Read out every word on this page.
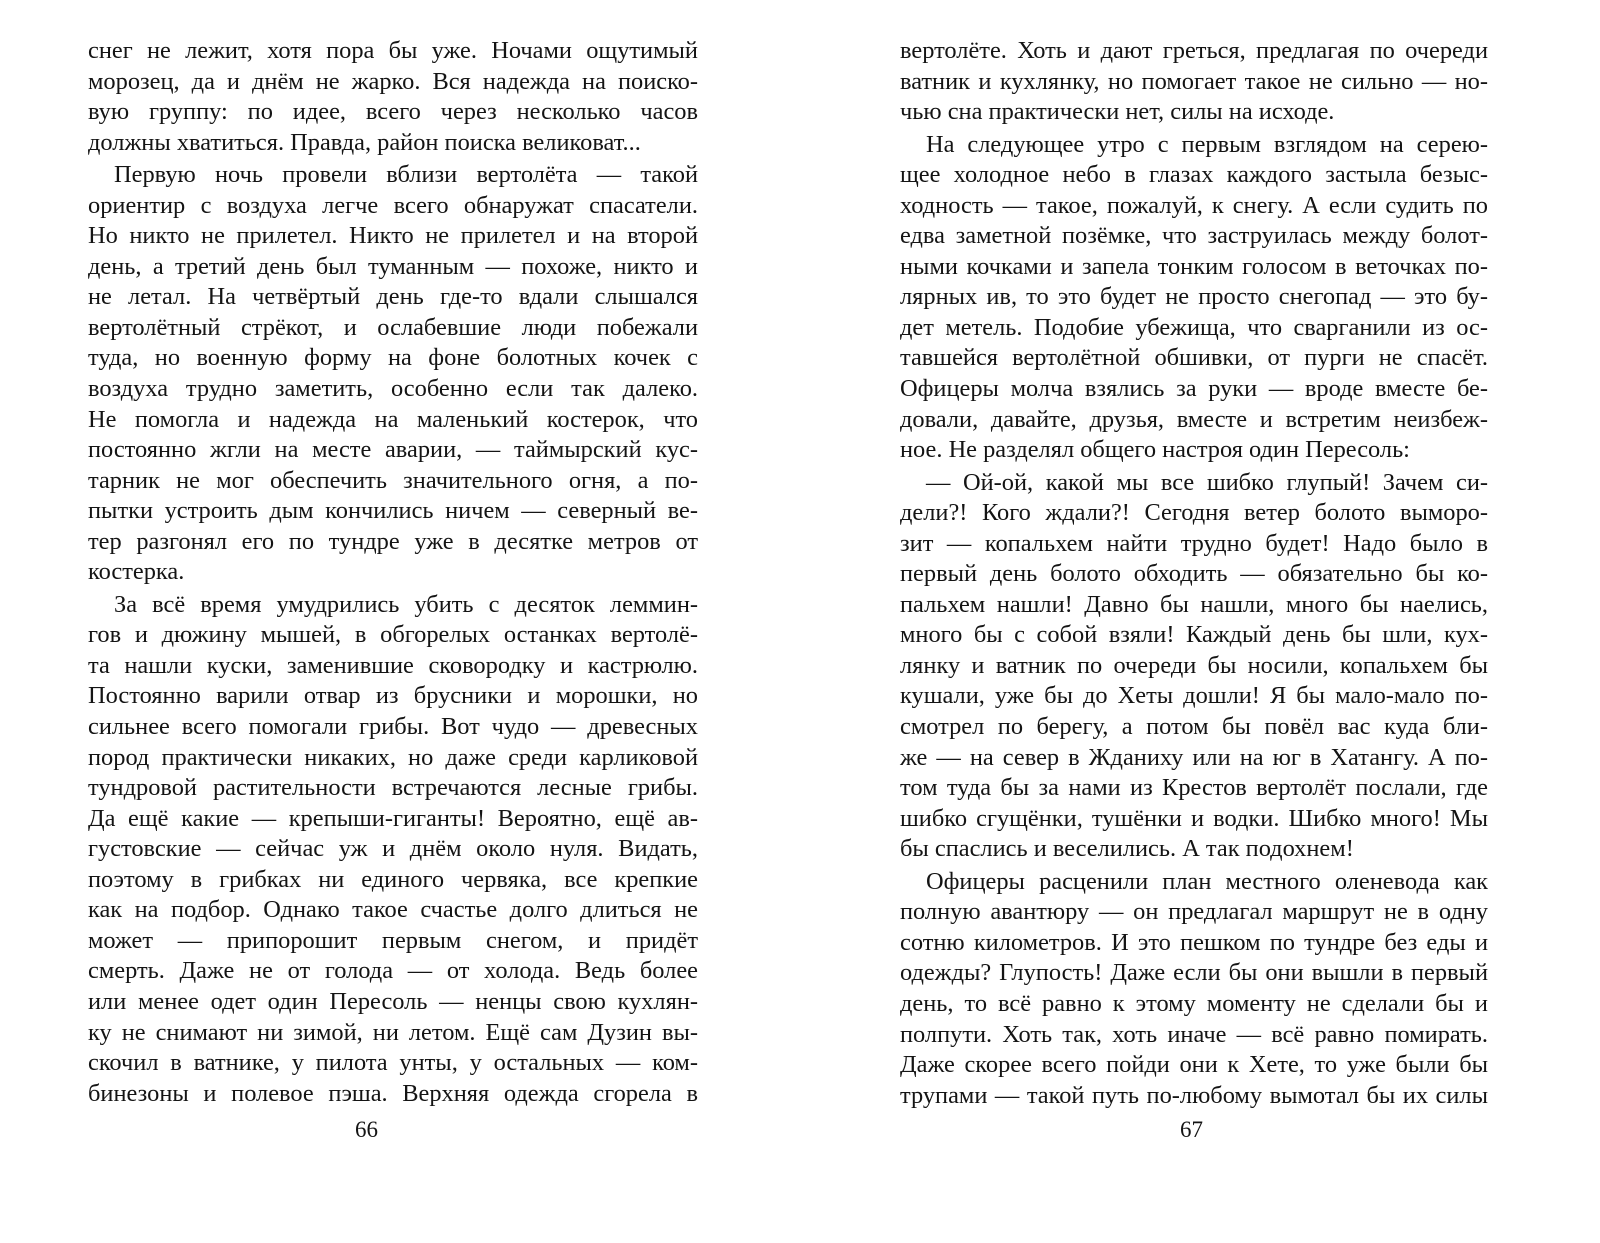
снег не лежит, хотя пора бы уже. Ночами ощутимый
морозец, да и днём не жарко. Вся надежда на поиско-
вую группу: по идее, всего через несколько часов
должны хватиться. Правда, район поиска великоват...
Первую ночь провели вблизи вертолёта — такой
ориентир с воздуха легче всего обнаружат спасатели.
Но никто не прилетел. Никто не прилетел и на второй
день, а третий день был туманным — похоже, никто и
не летал. На четвёртый день где-то вдали слышался
вертолётный стрёкот, и ослабевшие люди побежали
туда, но военную форму на фоне болотных кочек с
воздуха трудно заметить, особенно если так далеко.
Не помогла и надежда на маленький костерок, что
постоянно жгли на месте аварии, — таймырский кус-
тарник не мог обеспечить значительного огня, а по-
пытки устроить дым кончились ничем — северный ве-
тер разгонял его по тундре уже в десятке метров от
костерка.
За всё время умудрились убить с десяток леммин-
гов и дюжину мышей, в обгорелых останках вертолё-
та нашли куски, заменившие сковородку и кастрюлю.
Постоянно варили отвар из брусники и морошки, но
сильнее всего помогали грибы. Вот чудо — древесных
пород практически никаких, но даже среди карликовой
тундровой растительности встречаются лесные грибы.
Да ещё какие — крепыши-гиганты! Вероятно, ещё ав-
густовские — сейчас уж и днём около нуля. Видать,
поэтому в грибках ни единого червяка, все крепкие
как на подбор. Однако такое счастье долго длиться не
может — припорошит первым снегом, и придёт
смерть. Даже не от голода — от холода. Ведь более
или менее одет один Пересоль — ненцы свою кухлян-
ку не снимают ни зимой, ни летом. Ещё сам Дузин вы-
скочил в ватнике, у пилота унты, у остальных — ком-
бинезоны и полевое пэша. Верхняя одежда сгорела в
66
вертолёте. Хоть и дают греться, предлагая по очереди
ватник и кухлянку, но помогает такое не сильно — но-
чью сна практически нет, силы на исходе.
На следующее утро с первым взглядом на серею-
щее холодное небо в глазах каждого застыла безыс-
ходность — такое, пожалуй, к снегу. А если судить по
едва заметной позёмке, что заструилась между болот-
ными кочками и запела тонким голосом в веточках по-
лярных ив, то это будет не просто снегопад — это бу-
дет метель. Подобие убежища, что сварганили из ос-
тавшейся вертолётной обшивки, от пурги не спасёт.
Офицеры молча взялись за руки — вроде вместе бе-
довали, давайте, друзья, вместе и встретим неизбеж-
ное. Не разделял общего настроя один Пересоль:
— Ой-ой, какой мы все шибко глупый! Зачем си-
дели?! Кого ждали?! Сегодня ветер болото выморо-
зит — копальхем найти трудно будет! Надо было в
первый день болото обходить — обязательно бы ко-
пальхем нашли! Давно бы нашли, много бы наелись,
много бы с собой взяли! Каждый день бы шли, кух-
лянку и ватник по очереди бы носили, копальхем бы
кушали, уже бы до Хеты дошли! Я бы мало-мало по-
смотрел по берегу, а потом бы повёл вас куда бли-
же — на север в Жданиху или на юг в Хатангу. А по-
том туда бы за нами из Крестов вертолёт послали, где
шибко сгущёнки, тушёнки и водки. Шибко много! Мы
бы спаслись и веселились. А так подохнем!
Офицеры расценили план местного оленевода как
полную авантюру — он предлагал маршрут не в одну
сотню километров. И это пешком по тундре без еды и
одежды? Глупость! Даже если бы они вышли в первый
день, то всё равно к этому моменту не сделали бы и
полпути. Хоть так, хоть иначе — всё равно помирать.
Даже скорее всего пойди они к Хете, то уже были бы
трупами — такой путь по-любому вымотал бы их силы
67
